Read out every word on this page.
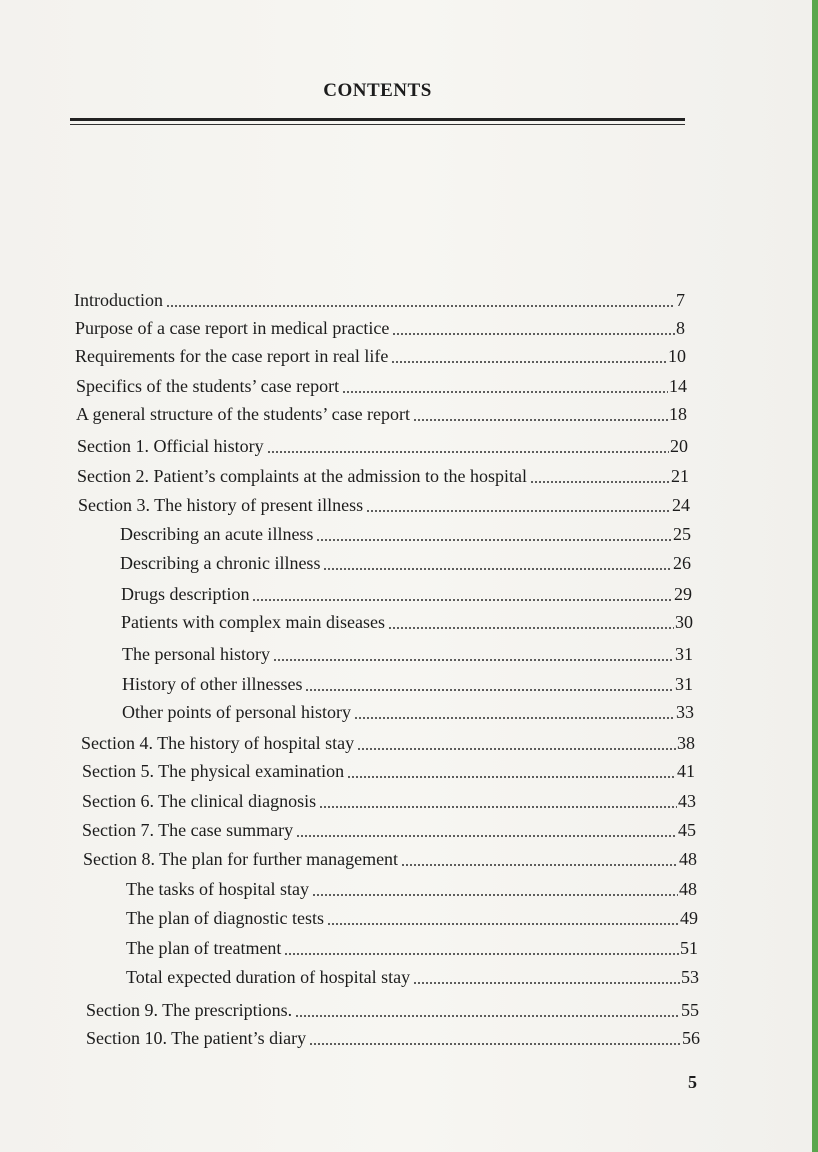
CONTENTS
Introduction	7
Purpose of a case report in medical practice	8
Requirements for the case report in real life	10
Specifics of the students’ case report	14
A general structure of the students’ case report	18
Section 1. Official history	20
Section 2. Patient’s complaints at the admission to the hospital	21
Section 3. The history of present illness	24
Describing an acute illness	25
Describing a chronic illness	26
Drugs description	29
Patients with complex main diseases	30
The personal history	31
History of other illnesses	31
Other points of personal history	33
Section 4. The history of hospital stay	38
Section 5. The physical examination	41
Section 6. The clinical diagnosis	43
Section 7. The case summary	45
Section 8. The plan for further management	48
The tasks of hospital stay	48
The plan of diagnostic tests	49
The plan of treatment	51
Total expected duration of hospital stay	53
Section 9. The prescriptions.	55
Section 10. The patient’s diary	56
5
